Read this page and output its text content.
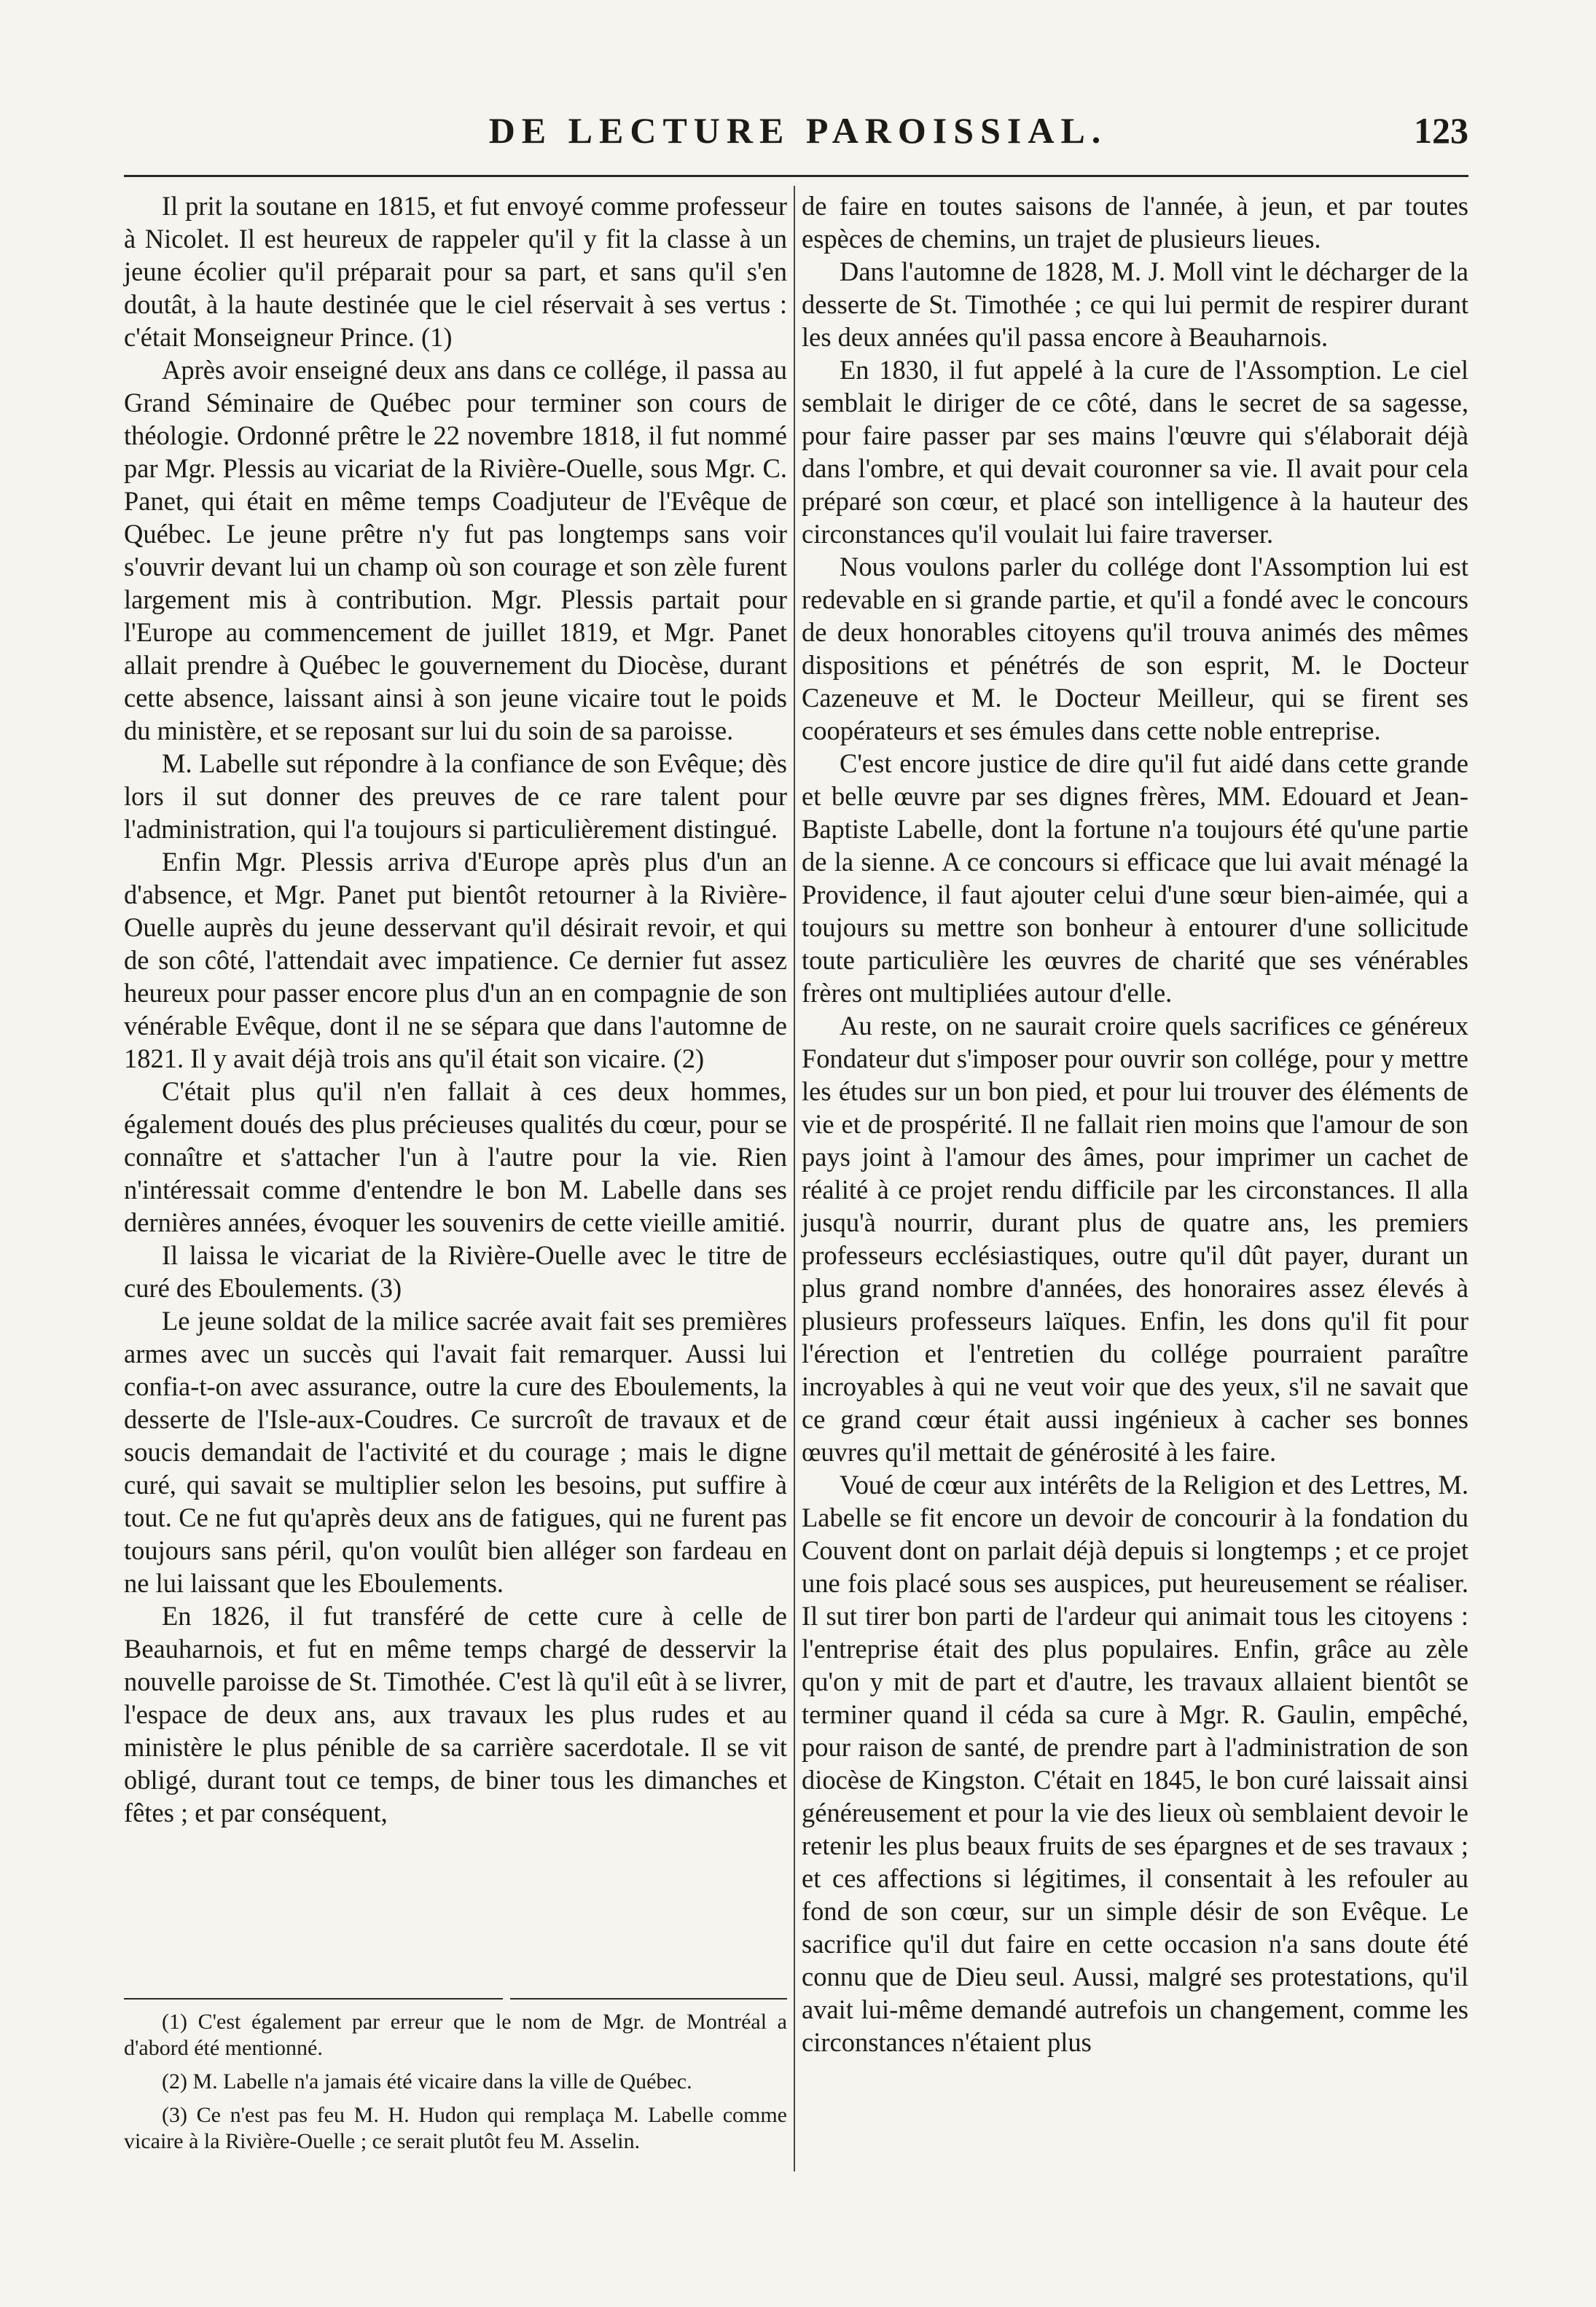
DE LECTURE PAROISSIAL.	123

Il prit la soutane en 1815, et fut envoyé comme professeur à Nicolet. Il est heureux de rappeler qu'il y fit la classe à un jeune écolier qu'il préparait pour sa part, et sans qu'il s'en doutât, à la haute destinée que le ciel réservait à ses vertus : c'était Monseigneur Prince. (1)

Après avoir enseigné deux ans dans ce collége, il passa au Grand Séminaire de Québec pour terminer son cours de théologie. Ordonné prêtre le 22 novembre 1818, il fut nommé par Mgr. Plessis au vicariat de la Rivière-Ouelle, sous Mgr. C. Panet, qui était en même temps Coadjuteur de l'Evêque de Québec. Le jeune prêtre n'y fut pas longtemps sans voir s'ouvrir devant lui un champ où son courage et son zèle furent largement mis à contribution. Mgr. Plessis partait pour l'Europe au commencement de juillet 1819, et Mgr. Panet allait prendre à Québec le gouvernement du Diocèse, durant cette absence, laissant ainsi à son jeune vicaire tout le poids du ministère, et se reposant sur lui du soin de sa paroisse.

M. Labelle sut répondre à la confiance de son Evêque; dès lors il sut donner des preuves de ce rare talent pour l'administration, qui l'a toujours si particulièrement distingué.

Enfin Mgr. Plessis arriva d'Europe après plus d'un an d'absence, et Mgr. Panet put bientôt retourner à la Rivière-Ouelle auprès du jeune desservant qu'il désirait revoir, et qui de son côté, l'attendait avec impatience. Ce dernier fut assez heureux pour passer encore plus d'un an en compagnie de son vénérable Evêque, dont il ne se sépara que dans l'automne de 1821. Il y avait déjà trois ans qu'il était son vicaire. (2)

C'était plus qu'il n'en fallait à ces deux hommes, également doués des plus précieuses qualités du cœur, pour se connaître et s'attacher l'un à l'autre pour la vie. Rien n'intéressait comme d'entendre le bon M. Labelle dans ses dernières années, évoquer les souvenirs de cette vieille amitié.

Il laissa le vicariat de la Rivière-Ouelle avec le titre de curé des Eboulements. (3)

Le jeune soldat de la milice sacrée avait fait ses premières armes avec un succès qui l'avait fait remarquer. Aussi lui confia-t-on avec assurance, outre la cure des Eboulements, la desserte de l'Isle-aux-Coudres. Ce surcroît de travaux et de soucis demandait de l'activité et du courage ; mais le digne curé, qui savait se multiplier selon les besoins, put suffire à tout. Ce ne fut qu'après deux ans de fatigues, qui ne furent pas toujours sans péril, qu'on voulût bien alléger son fardeau en ne lui laissant que les Eboulements.

En 1826, il fut transféré de cette cure à celle de Beauharnois, et fut en même temps chargé de desservir la nouvelle paroisse de St. Timothée. C'est là qu'il eût à se livrer, l'espace de deux ans, aux travaux les plus rudes et au ministère le plus pénible de sa carrière sacerdotale. Il se vit obligé, durant tout ce temps, de biner tous les dimanches et fêtes ; et par conséquent,

(1) C'est également par erreur que le nom de Mgr. de Montréal a d'abord été mentionné.

(2) M. Labelle n'a jamais été vicaire dans la ville de Québec.

(3) Ce n'est pas feu M. H. Hudon qui remplaça M. Labelle comme vicaire à la Rivière-Ouelle ; ce serait plutôt feu M. Asselin.

de faire en toutes saisons de l'année, à jeun, et par toutes espèces de chemins, un trajet de plusieurs lieues.

Dans l'automne de 1828, M. J. Moll vint le décharger de la desserte de St. Timothée ; ce qui lui permit de respirer durant les deux années qu'il passa encore à Beauharnois.

En 1830, il fut appelé à la cure de l'Assomption. Le ciel semblait le diriger de ce côté, dans le secret de sa sagesse, pour faire passer par ses mains l'œuvre qui s'élaborait déjà dans l'ombre, et qui devait couronner sa vie. Il avait pour cela préparé son cœur, et placé son intelligence à la hauteur des circonstances qu'il voulait lui faire traverser.

Nous voulons parler du collége dont l'Assomption lui est redevable en si grande partie, et qu'il a fondé avec le concours de deux honorables citoyens qu'il trouva animés des mêmes dispositions et pénétrés de son esprit, M. le Docteur Cazeneuve et M. le Docteur Meilleur, qui se firent ses coopérateurs et ses émules dans cette noble entreprise.

C'est encore justice de dire qu'il fut aidé dans cette grande et belle œuvre par ses dignes frères, MM. Edouard et Jean-Baptiste Labelle, dont la fortune n'a toujours été qu'une partie de la sienne. A ce concours si efficace que lui avait ménagé la Providence, il faut ajouter celui d'une sœur bien-aimée, qui a toujours su mettre son bonheur à entourer d'une sollicitude toute particulière les œuvres de charité que ses vénérables frères ont multipliées autour d'elle.

Au reste, on ne saurait croire quels sacrifices ce généreux Fondateur dut s'imposer pour ouvrir son collége, pour y mettre les études sur un bon pied, et pour lui trouver des éléments de vie et de prospérité. Il ne fallait rien moins que l'amour de son pays joint à l'amour des âmes, pour imprimer un cachet de réalité à ce projet rendu difficile par les circonstances. Il alla jusqu'à nourrir, durant plus de quatre ans, les premiers professeurs ecclésiastiques, outre qu'il dût payer, durant un plus grand nombre d'années, des honoraires assez élevés à plusieurs professeurs laïques. Enfin, les dons qu'il fit pour l'érection et l'entretien du collége pourraient paraître incroyables à qui ne veut voir que des yeux, s'il ne savait que ce grand cœur était aussi ingénieux à cacher ses bonnes œuvres qu'il mettait de générosité à les faire.

Voué de cœur aux intérêts de la Religion et des Lettres, M. Labelle se fit encore un devoir de concourir à la fondation du Couvent dont on parlait déjà depuis si longtemps ; et ce projet une fois placé sous ses auspices, put heureusement se réaliser. Il sut tirer bon parti de l'ardeur qui animait tous les citoyens : l'entreprise était des plus populaires. Enfin, grâce au zèle qu'on y mit de part et d'autre, les travaux allaient bientôt se terminer quand il céda sa cure à Mgr. R. Gaulin, empêché, pour raison de santé, de prendre part à l'administration de son diocèse de Kingston. C'était en 1845, le bon curé laissait ainsi généreusement et pour la vie des lieux où semblaient devoir le retenir les plus beaux fruits de ses épargnes et de ses travaux ; et ces affections si légitimes, il consentait à les refouler au fond de son cœur, sur un simple désir de son Evêque. Le sacrifice qu'il dut faire en cette occasion n'a sans doute été connu que de Dieu seul. Aussi, malgré ses protestations, qu'il avait lui-même demandé autrefois un changement, comme les circonstances n'étaient plus
